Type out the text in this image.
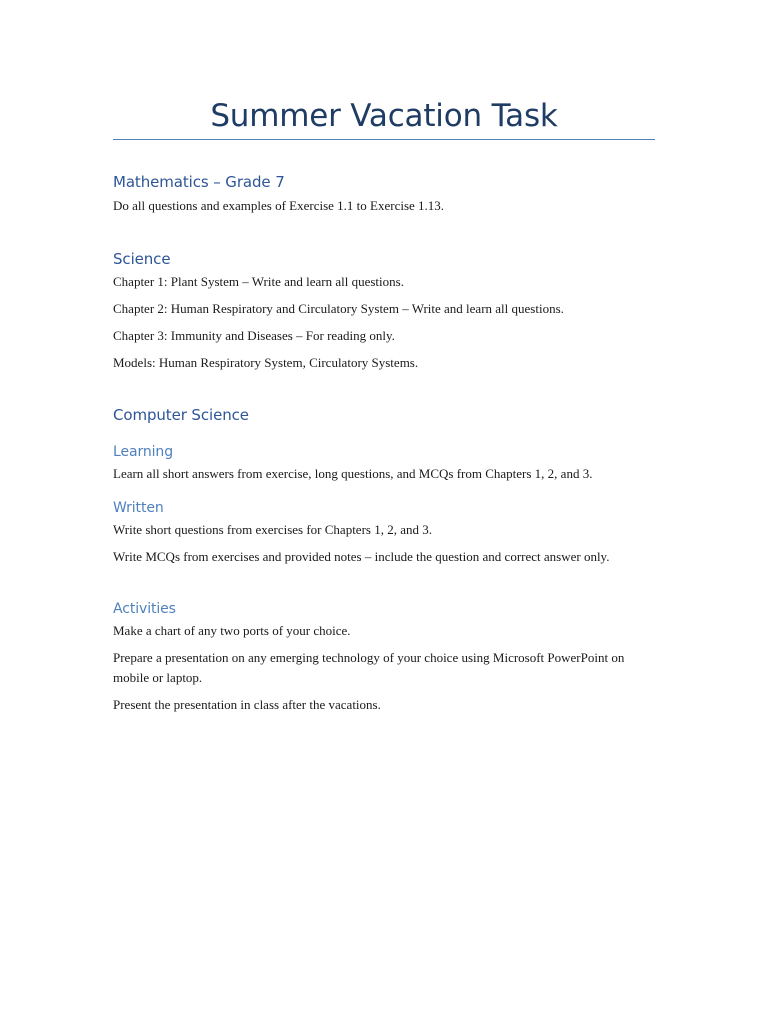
Summer Vacation Task
Mathematics – Grade 7

Do all questions and examples of Exercise 1.1 to Exercise 1.13.

Science

Chapter 1: Plant System – Write and learn all questions.

Chapter 2: Human Respiratory and Circulatory System – Write and learn all questions.

Chapter 3: Immunity and Diseases – For reading only.

Models: Human Respiratory System, Circulatory Systems.

Computer Science
Learning

Learn all short answers from exercise, long questions, and MCQs from Chapters 1, 2, and 3.

Written

Write short questions from exercises for Chapters 1, 2, and 3.

Write MCQs from exercises and provided notes – include the question and correct answer only.

Activities

Make a chart of any two ports of your choice.

Prepare a presentation on any emerging technology of your choice using Microsoft PowerPoint on mobile or laptop.

Present the presentation in class after the vacations.
